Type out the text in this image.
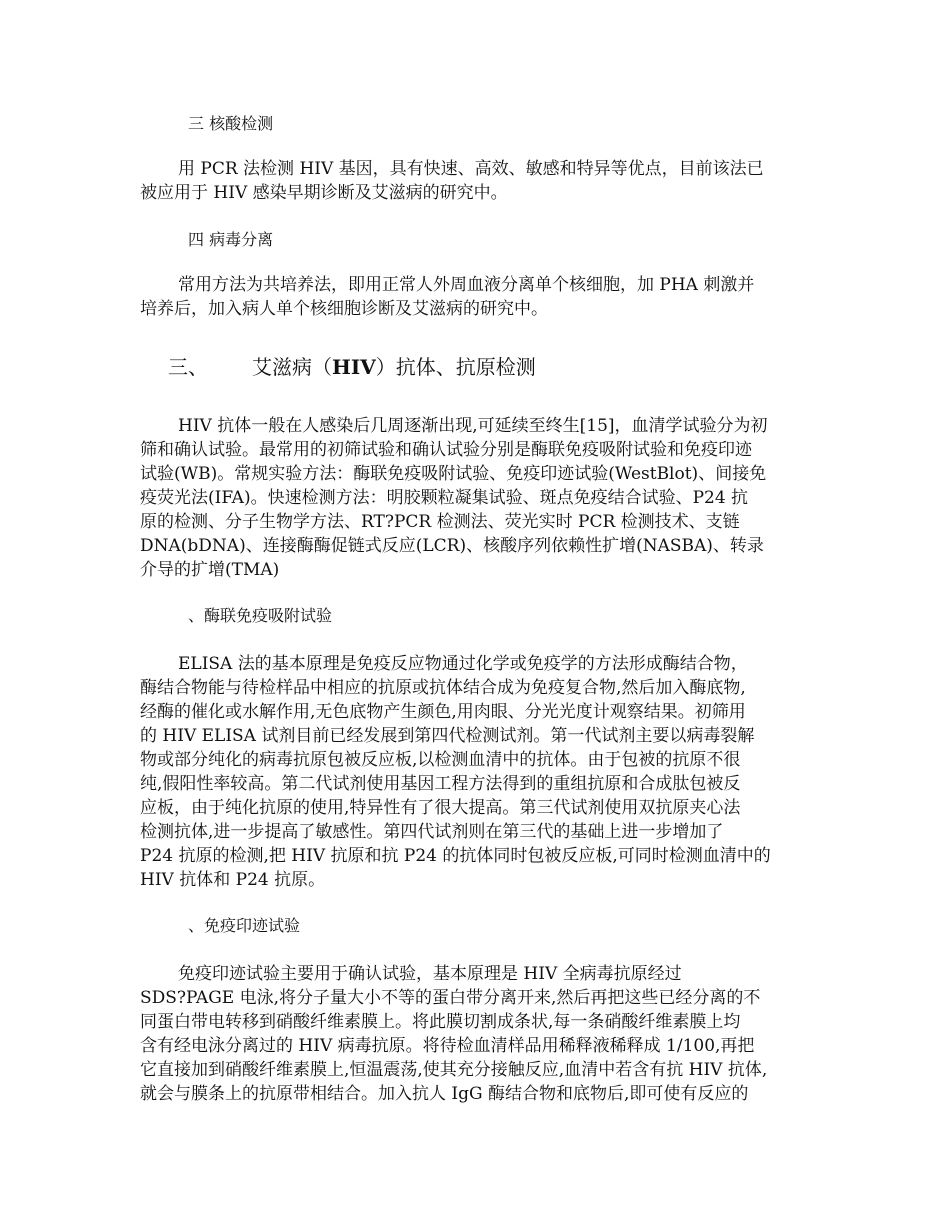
三 核酸检测
用 PCR 法检测 HIV 基因，具有快速、高效、敏感和特异等优点，目前该法已
被应用于 HIV 感染早期诊断及艾滋病的研究中。
四 病毒分离
常用方法为共培养法，即用正常人外周血液分离单个核细胞，加 PHA 刺激并
培养后，加入病人单个核细胞诊断及艾滋病的研究中。
三、 艾滋病（HIV）抗体、抗原检测
HIV 抗体一般在人感染后几周逐渐出现,可延续至终生[15]，血清学试验分为初
筛和确认试验。最常用的初筛试验和确认试验分别是酶联免疫吸附试验和免疫印迹
试验(WB)。常规实验方法：酶联免疫吸附试验、免疫印迹试验(WestBlot)、间接免
疫荧光法(IFA)。快速检测方法：明胶颗粒凝集试验、斑点免疫结合试验、P24 抗
原的检测、分子生物学方法、RT?PCR 检测法、荧光实时 PCR 检测技术、支链
DNA(bDNA)、连接酶酶促链式反应(LCR)、核酸序列依赖性扩增(NASBA)、转录
介导的扩增(TMA)
、酶联免疫吸附试验
ELISA 法的基本原理是免疫反应物通过化学或免疫学的方法形成酶结合物，
酶结合物能与待检样品中相应的抗原或抗体结合成为免疫复合物,然后加入酶底物,
经酶的催化或水解作用,无色底物产生颜色,用肉眼、分光光度计观察结果。初筛用
的 HIV ELISA 试剂目前已经发展到第四代检测试剂。第一代试剂主要以病毒裂解
物或部分纯化的病毒抗原包被反应板,以检测血清中的抗体。由于包被的抗原不很
纯,假阳性率较高。第二代试剂使用基因工程方法得到的重组抗原和合成肽包被反
应板，由于纯化抗原的使用,特异性有了很大提高。第三代试剂使用双抗原夹心法
检测抗体,进一步提高了敏感性。第四代试剂则在第三代的基础上进一步增加了
P24 抗原的检测,把 HIV 抗原和抗 P24 的抗体同时包被反应板,可同时检测血清中的
HIV 抗体和 P24 抗原。
、免疫印迹试验
免疫印迹试验主要用于确认试验，基本原理是 HIV 全病毒抗原经过
SDS?PAGE 电泳,将分子量大小不等的蛋白带分离开来,然后再把这些已经分离的不
同蛋白带电转移到硝酸纤维素膜上。将此膜切割成条状,每一条硝酸纤维素膜上均
含有经电泳分离过的 HIV 病毒抗原。将待检血清样品用稀释液稀释成 1/100,再把
它直接加到硝酸纤维素膜上,恒温震荡,使其充分接触反应,血清中若含有抗 HIV 抗体,
就会与膜条上的抗原带相结合。加入抗人 IgG 酶结合物和底物后,即可使有反应的
